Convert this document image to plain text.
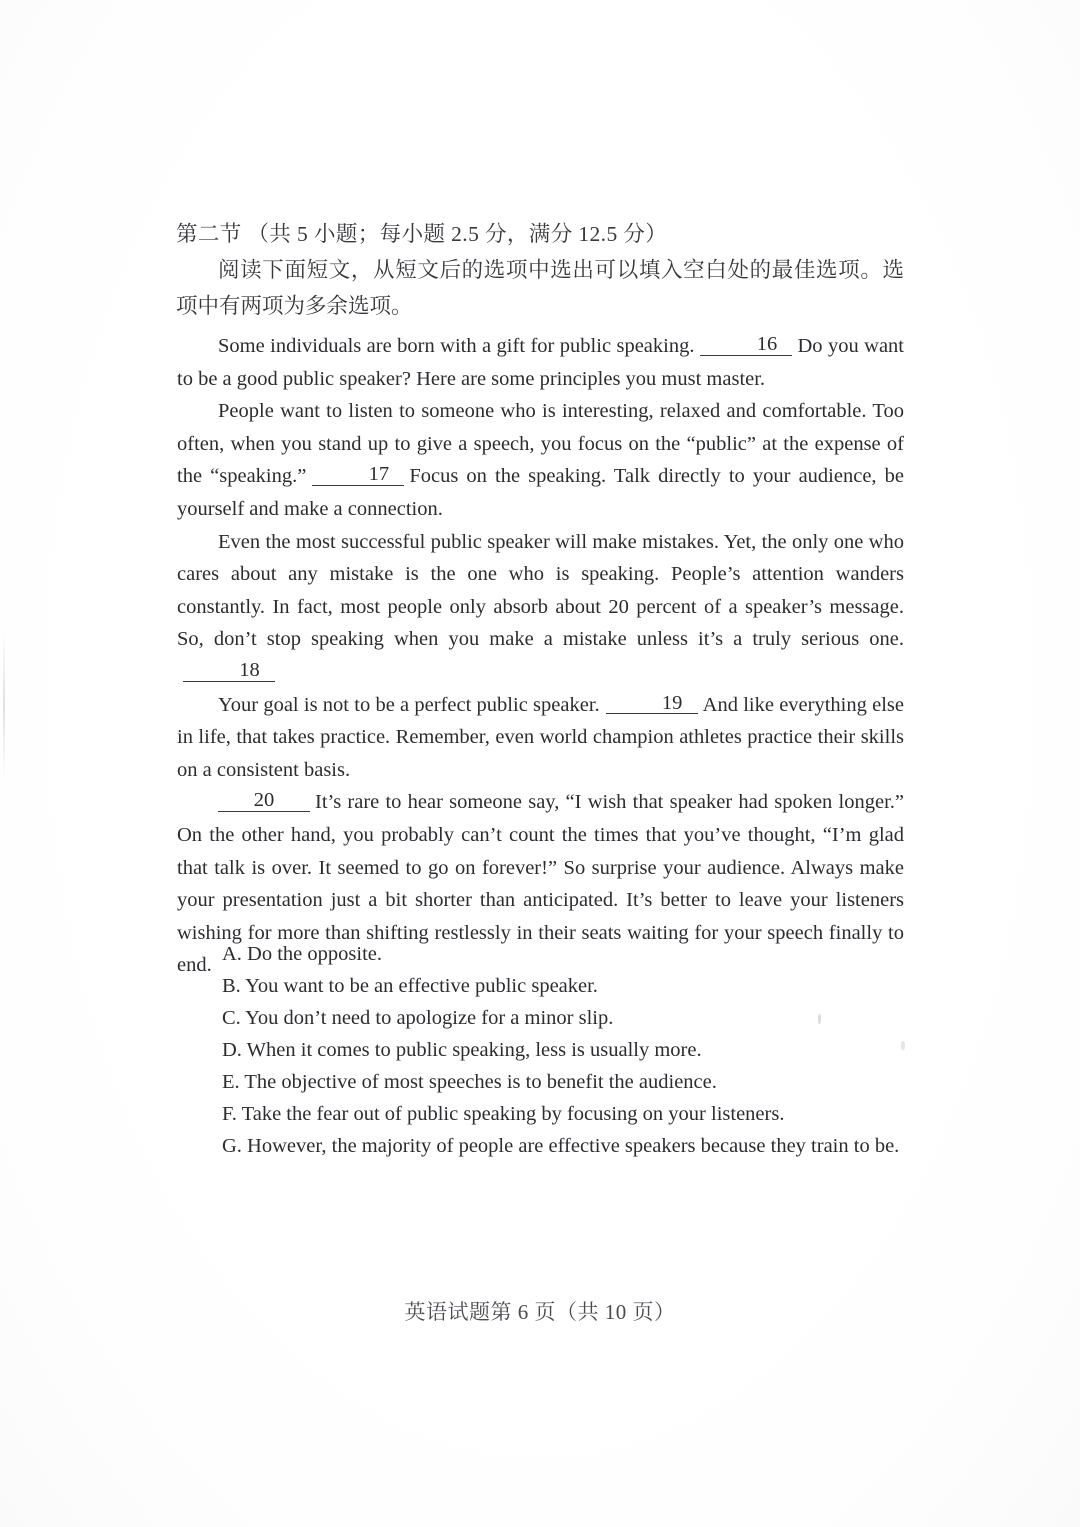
第二节 （共 5 小题；每小题 2.5 分，满分 12.5 分）
阅读下面短文，从短文后的选项中选出可以填入空白处的最佳选项。选项中有两项为多余选项。

Some individuals are born with a gift for public speaking.	16 Do you want to be a good public speaker? Here are some principles you must master.

People want to listen to someone who is interesting, relaxed and comfortable. Too often, when you stand up to give a speech, you focus on the “public” at the expense of the “speaking.”	17 Focus on the speaking. Talk directly to your audience, be yourself and make a connection.

Even the most successful public speaker will make mistakes. Yet, the only one who cares about any mistake is the one who is speaking. People’s attention wanders constantly. In fact, most people only absorb about 20 percent of a speaker’s message. So, don’t stop speaking when you make a mistake unless it’s a truly serious one.18

Your goal is not to be a perfect public speaker.	19 And like everything else in life, that takes practice. Remember, even world champion athletes practice their skills on a consistent basis.

20 It’s rare to hear someone say, “I wish that speaker had spoken longer.” On the other hand, you probably can’t count the times that you’ve thought, “I’m glad that talk is over. It seemed to go on forever!” So surprise your audience. Always make your presentation just a bit shorter than anticipated. It’s better to leave your listeners wishing for more than shifting restlessly in their seats waiting for your speech finally to end.

A. Do the opposite.
B. You want to be an effective public speaker.
C. You don’t need to apologize for a minor slip.
D. When it comes to public speaking, less is usually more.
E. The objective of most speeches is to benefit the audience.
F. Take the fear out of public speaking by focusing on your listeners.
G. However, the majority of people are effective speakers because they train to be.
英语试题第 6 页（共 10 页）
